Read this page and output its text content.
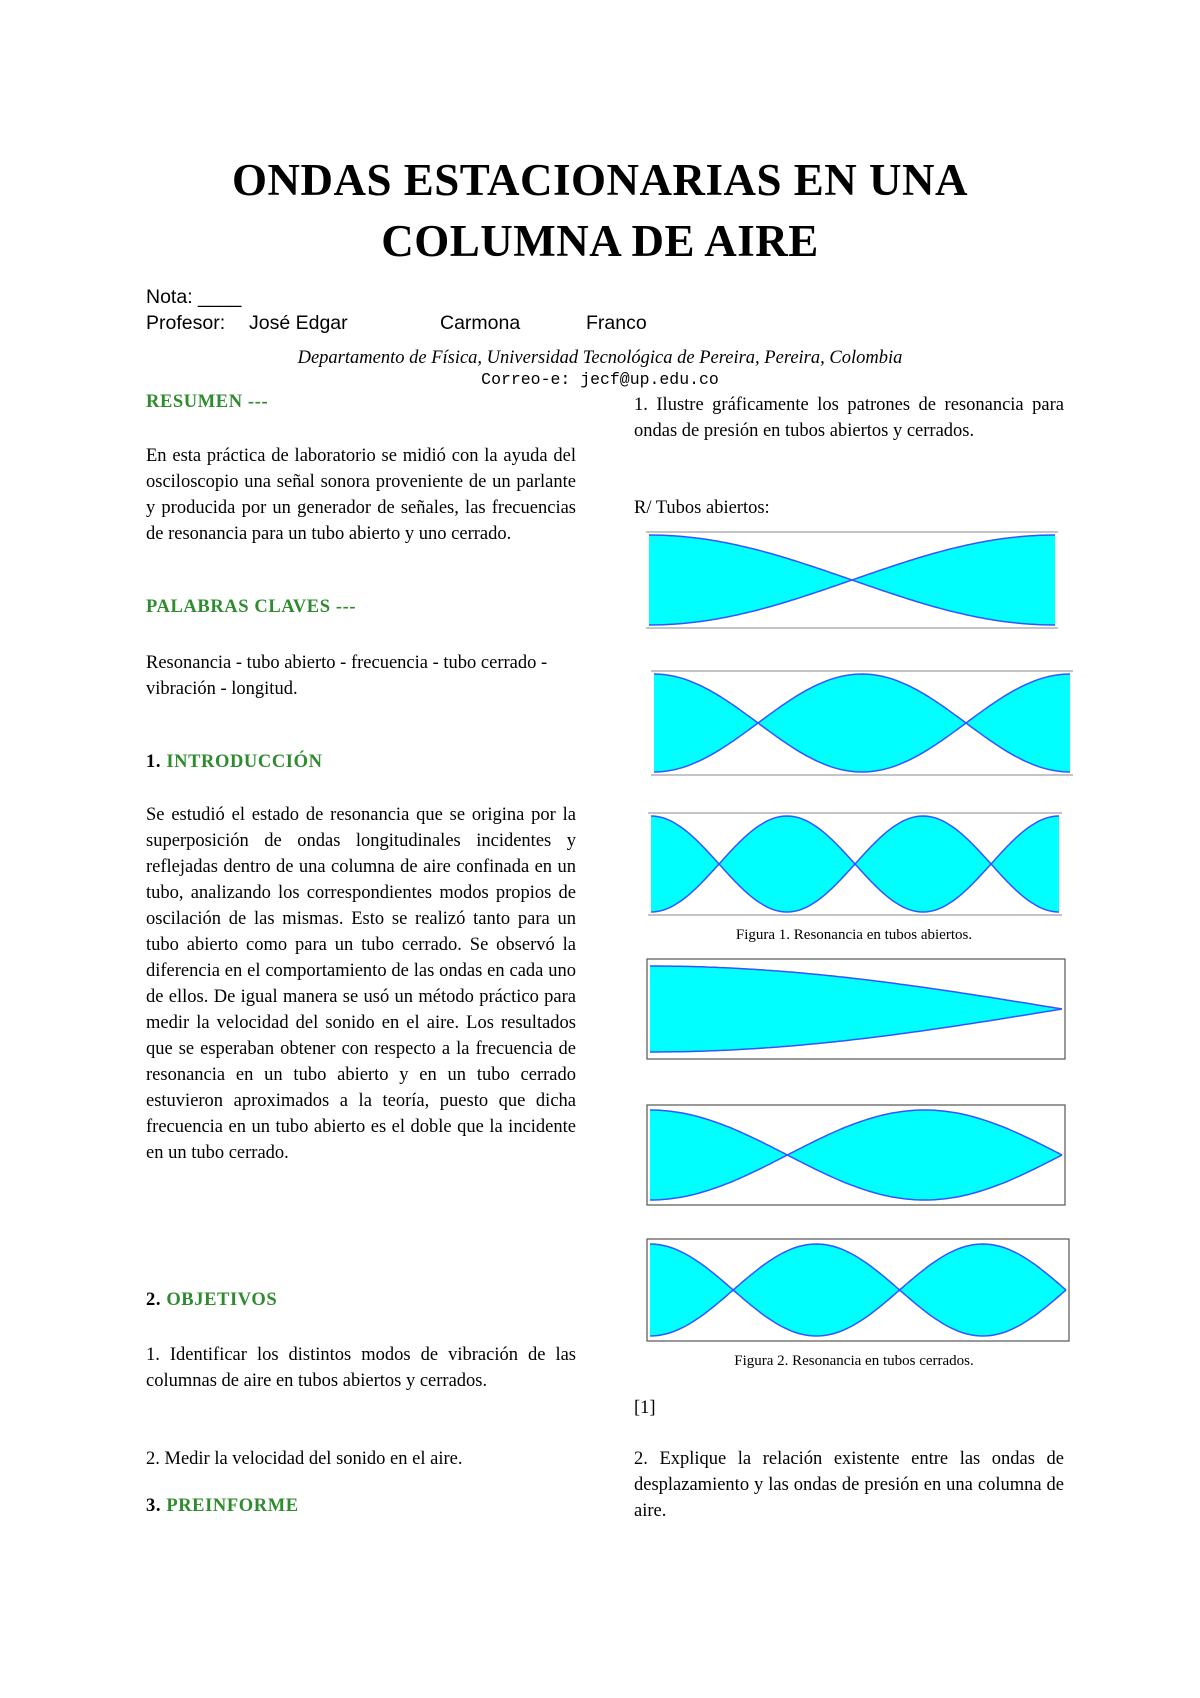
ONDAS ESTACIONARIAS EN UNA
COLUMNA DE AIRE
Nota: ____
Profesor: José Edgar	Carmona	Franco
Departamento de Física, Universidad Tecnológica de Pereira, Pereira, Colombia
Correo-e: jecf@up.edu.co
RESUMEN ---
En esta práctica de laboratorio se midió con la ayuda del osciloscopio una señal sonora proveniente de un parlante y producida por un generador de señales, las frecuencias de resonancia para un tubo abierto y uno cerrado.
PALABRAS CLAVES ---
Resonancia - tubo abierto - frecuencia - tubo cerrado - vibración - longitud.
1. INTRODUCCIÓN
Se estudió el estado de resonancia que se origina por la superposición de ondas longitudinales incidentes y reflejadas dentro de una columna de aire confinada en un tubo, analizando los correspondientes modos propios de oscilación de las mismas. Esto se realizó tanto para un tubo abierto como para un tubo cerrado. Se observó la diferencia en el comportamiento de las ondas en cada uno de ellos. De igual manera se usó un método práctico para medir la velocidad del sonido en el aire. Los resultados que se esperaban obtener con respecto a la frecuencia de resonancia en un tubo abierto y en un tubo cerrado estuvieron aproximados a la teoría, puesto que dicha frecuencia en un tubo abierto es el doble que la incidente en un tubo cerrado.
2. OBJETIVOS
1. Identificar los distintos modos de vibración de las columnas de aire en tubos abiertos y cerrados.
2. Medir la velocidad del sonido en el aire.
3. PREINFORME
1. Ilustre gráficamente los patrones de resonancia para ondas de presión en tubos abiertos y cerrados.
R/ Tubos abiertos:
Figura 1. Resonancia en tubos abiertos.
Figura 2. Resonancia en tubos cerrados.
[1]
2. Explique la relación existente entre las ondas de desplazamiento y las ondas de presión en una columna de aire.
